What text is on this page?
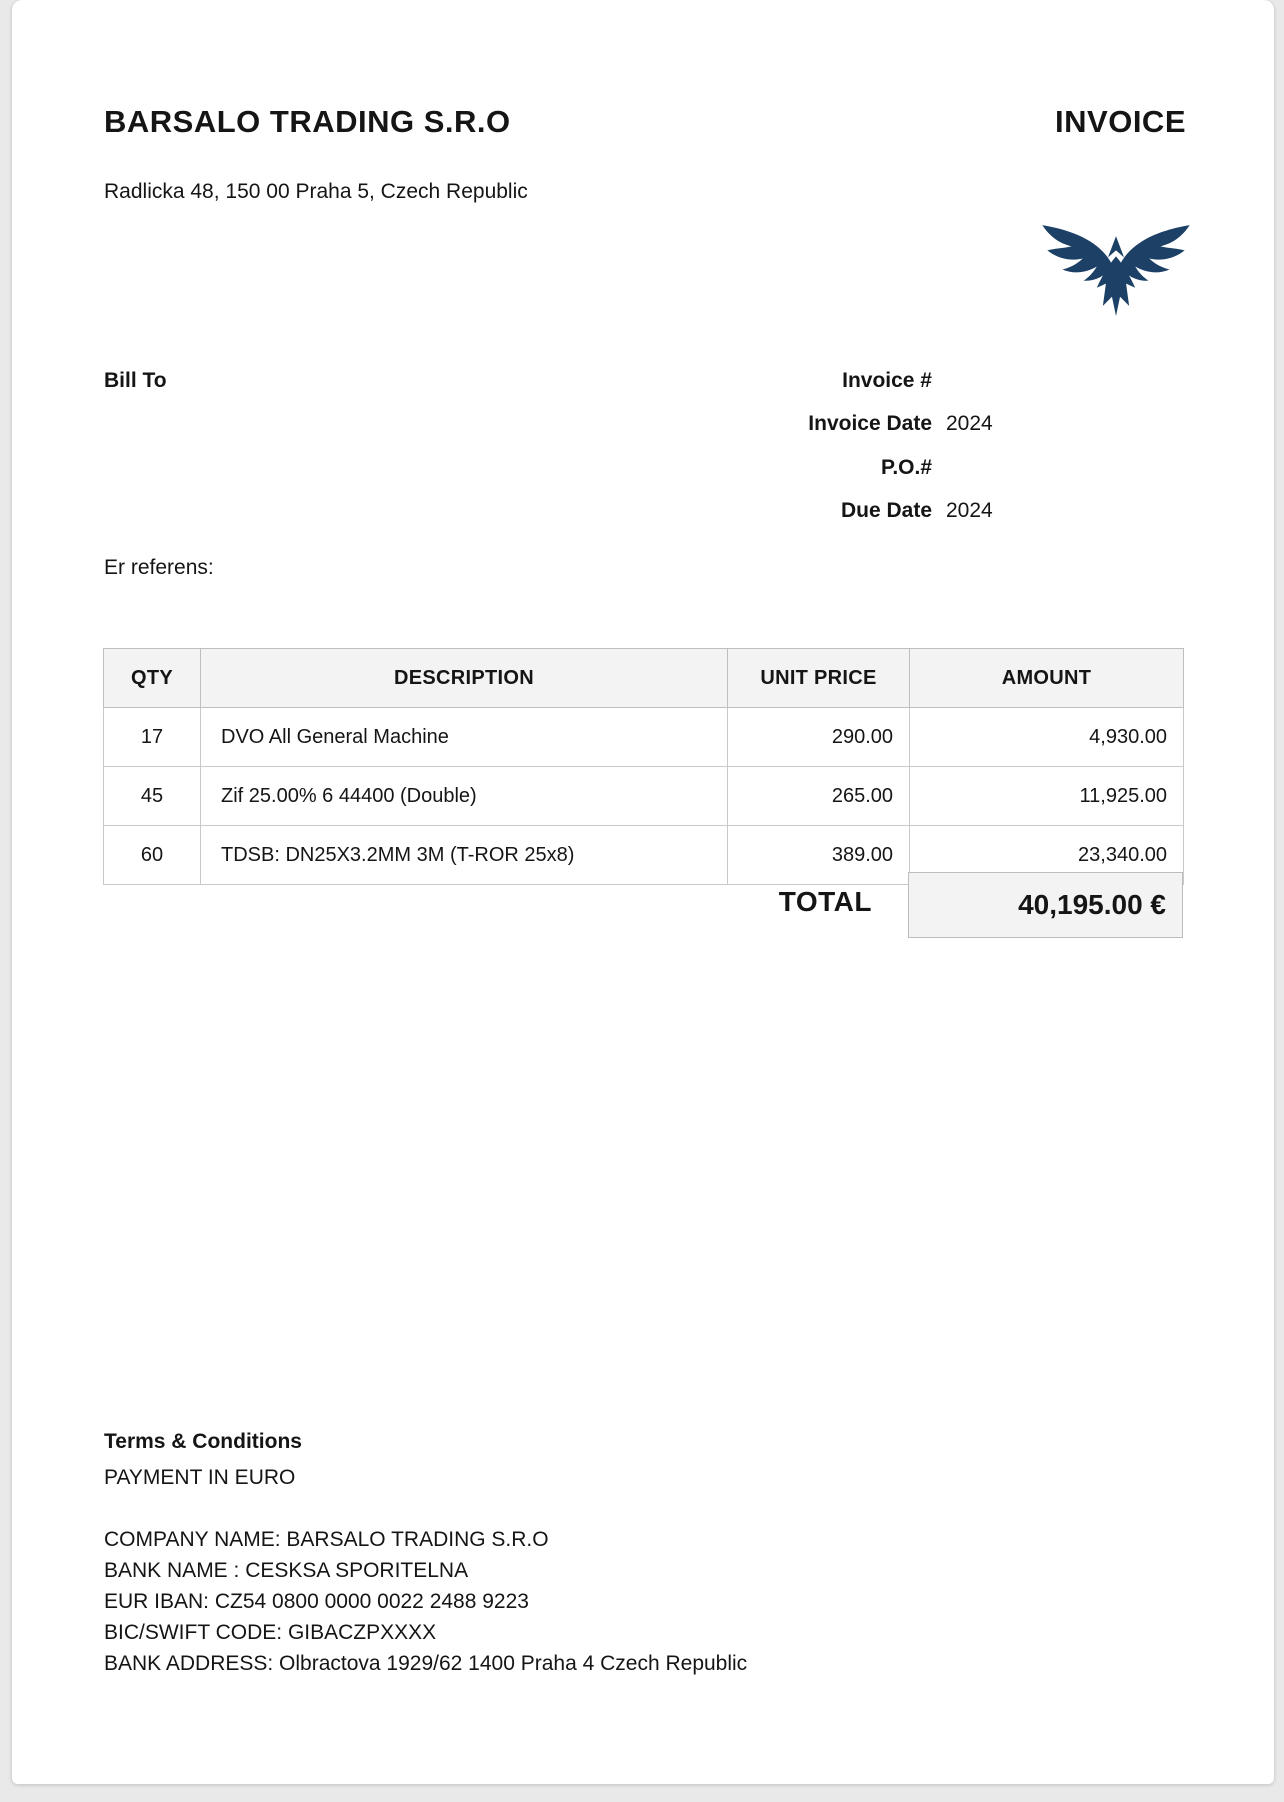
BARSALO TRADING S.R.O	INVOICE
Radlicka 48, 150 00 Praha 5, Czech Republic
Bill To	Invoice #
Invoice Date 2024
P.O.#
Due Date 2024
Er referens:
QTY	DESCRIPTION	UNIT PRICE	AMOUNT
17	DVO All General Machine	290.00	4,930.00
45	Zif 25.00% 6 44400 (Double)	265.00	11,925.00
60	TDSB: DN25X3.2MM 3M (T-ROR 25x8)	389.00	23,340.00
TOTAL	40,195.00 €
Terms & Conditions
PAYMENT IN EURO
COMPANY NAME: BARSALO TRADING S.R.O
BANK NAME : CESKSA SPORITELNA
EUR IBAN: CZ54 0800 0000 0022 2488 9223
BIC/SWIFT CODE: GIBACZPXXXX
BANK ADDRESS: Olbractova 1929/62 1400 Praha 4 Czech Republic
